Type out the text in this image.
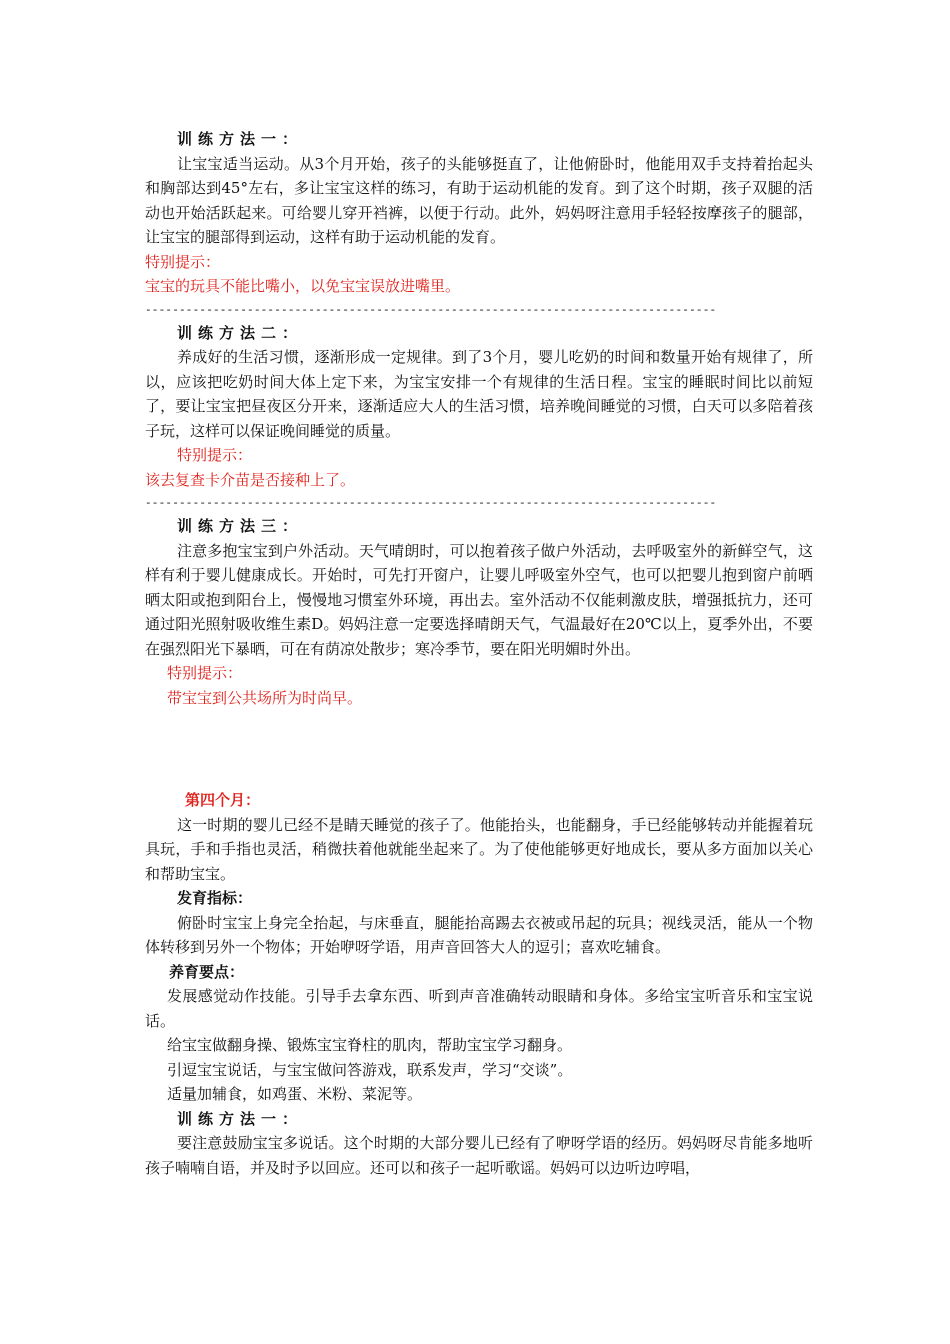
训练方法一：

让宝宝适当运动。从3个月开始，孩子的头能够挺直了，让他俯卧时，他能用双手支持着抬起头和胸部达到45°左右，多让宝宝这样的练习，有助于运动机能的发育。到了这个时期，孩子双腿的活动也开始活跃起来。可给婴儿穿开裆裤，以便于行动。此外，妈妈呀注意用手轻轻按摩孩子的腿部，让宝宝的腿部得到运动，这样有助于运动机能的发育。

特别提示：

宝宝的玩具不能比嘴小，以免宝宝误放进嘴里。

------------------------------------------------------------------------------------

训练方法二：

养成好的生活习惯，逐渐形成一定规律。到了3个月，婴儿吃奶的时间和数量开始有规律了，所以，应该把吃奶时间大体上定下来，为宝宝安排一个有规律的生活日程。宝宝的睡眠时间比以前短了，要让宝宝把昼夜区分开来，逐渐适应大人的生活习惯，培养晚间睡觉的习惯，白天可以多陪着孩子玩，这样可以保证晚间睡觉的质量。

特别提示：

该去复查卡介苗是否接种上了。

------------------------------------------------------------------------------------

训练方法三：

注意多抱宝宝到户外活动。天气晴朗时，可以抱着孩子做户外活动，去呼吸室外的新鲜空气，这样有利于婴儿健康成长。开始时，可先打开窗户，让婴儿呼吸室外空气，也可以把婴儿抱到窗户前晒晒太阳或抱到阳台上，慢慢地习惯室外环境，再出去。室外活动不仅能刺激皮肤，增强抵抗力，还可通过阳光照射吸收维生素D。妈妈注意一定要选择晴朗天气，气温最好在20℃以上，夏季外出，不要在强烈阳光下暴晒，可在有荫凉处散步；寒冷季节，要在阳光明媚时外出。

特别提示：

带宝宝到公共场所为时尚早。

第四个月：

这一时期的婴儿已经不是睛天睡觉的孩子了。他能抬头，也能翻身，手已经能够转动并能握着玩具玩，手和手指也灵活，稍微扶着他就能坐起来了。为了使他能够更好地成长，要从多方面加以关心和帮助宝宝。

发育指标：

俯卧时宝宝上身完全抬起，与床垂直，腿能抬高踢去衣被或吊起的玩具；视线灵活，能从一个物体转移到另外一个物体；开始咿呀学语，用声音回答大人的逗引；喜欢吃辅食。

养育要点：

发展感觉动作技能。引导手去拿东西、听到声音准确转动眼睛和身体。多给宝宝听音乐和宝宝说话。

给宝宝做翻身操、锻炼宝宝脊柱的肌肉，帮助宝宝学习翻身。

引逗宝宝说话，与宝宝做问答游戏，联系发声，学习“交谈”。

适量加辅食，如鸡蛋、米粉、菜泥等。

训练方法一：

要注意鼓励宝宝多说话。这个时期的大部分婴儿已经有了咿呀学语的经历。妈妈呀尽肯能多地听孩子喃喃自语，并及时予以回应。还可以和孩子一起听歌谣。妈妈可以边听边哼唱，
